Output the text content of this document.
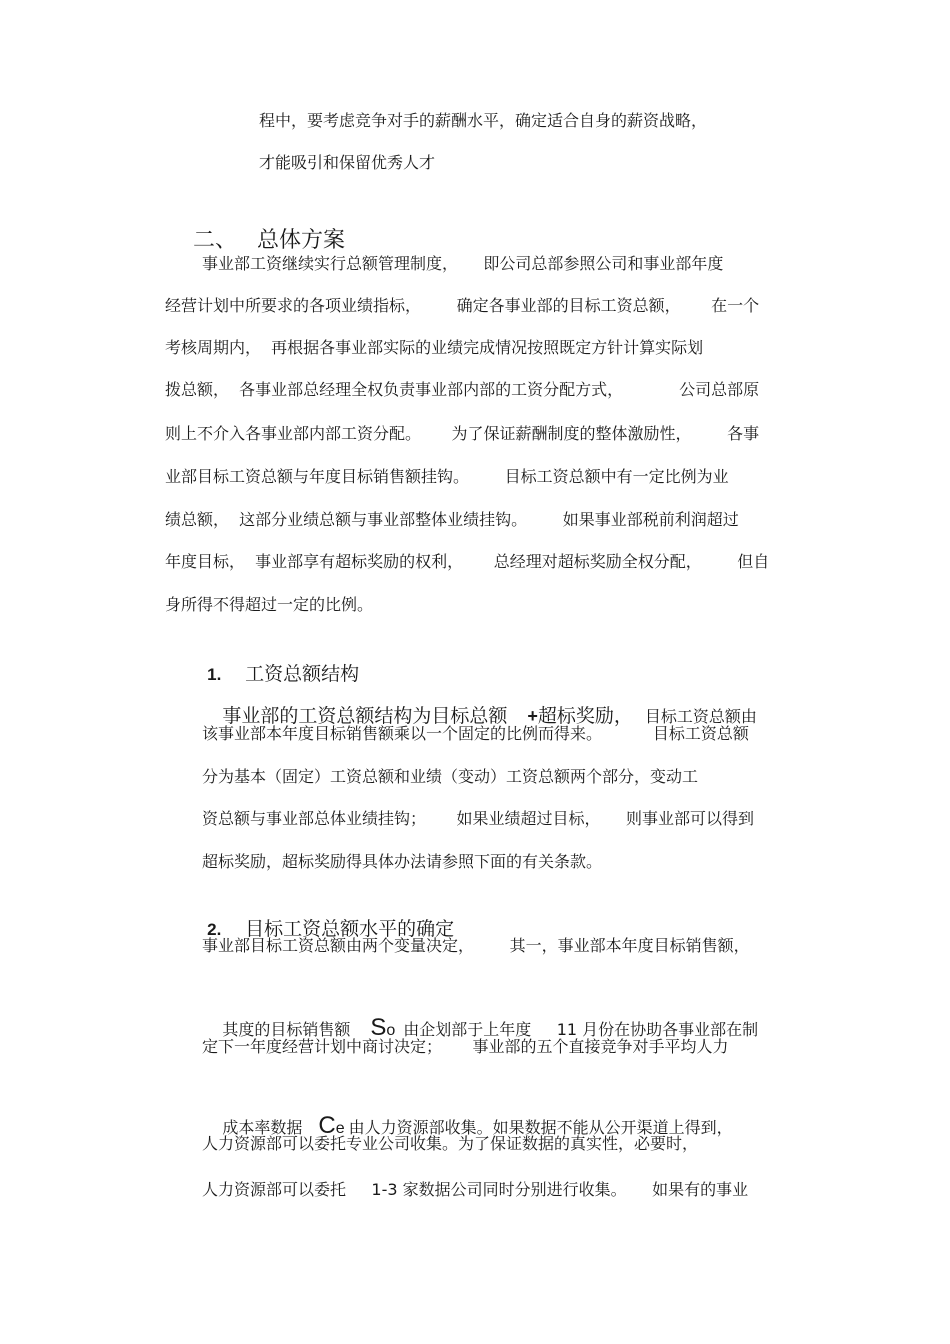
程中，要考虑竞争对手的薪酬水平，确定适合自身的薪资战略，
才能吸引和保留优秀人才

二、 总体方案

事业部工资继续实行总额管理制度，     即公司总部参照公司和事业部年度
经营计划中所要求的各项业绩指标，       确定各事业部的目标工资总额，      在一个
考核周期内，  再根据各事业部实际的业绩完成情况按照既定方针计算实际划
拨总额，  各事业部总经理全权负责事业部内部的工资分配方式，           公司总部原
则上不介入各事业部内部工资分配。      为了保证薪酬制度的整体激励性，       各事
业部目标工资总额与年度目标销售额挂钩。       目标工资总额中有一定比例为业
绩总额，  这部分业绩总额与事业部整体业绩挂钩。       如果事业部税前利润超过
年度目标，  事业部享有超标奖励的权利，      总经理对超标奖励全权分配，       但自
身所得不得超过一定的比例。

1. 工资总额结构

事业部的工资总额结构为目标总额 +超标奖励， 目标工资总额由

该事业部本年度目标销售额乘以一个固定的比例而得来。          目标工资总额
分为基本（固定）工资总额和业绩（变动）工资总额两个部分，变动工
资总额与事业部总体业绩挂钩；      如果业绩超过目标，     则事业部可以得到
超标奖励，超标奖励得具体办法请参照下面的有关条款。

2. 目标工资总额水平的确定

事业部目标工资总额由两个变量决定，       其一，事业部本年度目标销售额，

其度的目标销售额 So 由企划部于上年度     11 月份在协助各事业部在制

定下一年度经营计划中商讨决定；      事业部的五个直接竞争对手平均人力

成本率数据 Ce 由人力资源部收集。如果数据不能从公开渠道上得到，

人力资源部可以委托专业公司收集。为了保证数据的真实性，必要时，
人力资源部可以委托     1-3 家数据公司同时分别进行收集。     如果有的事业
